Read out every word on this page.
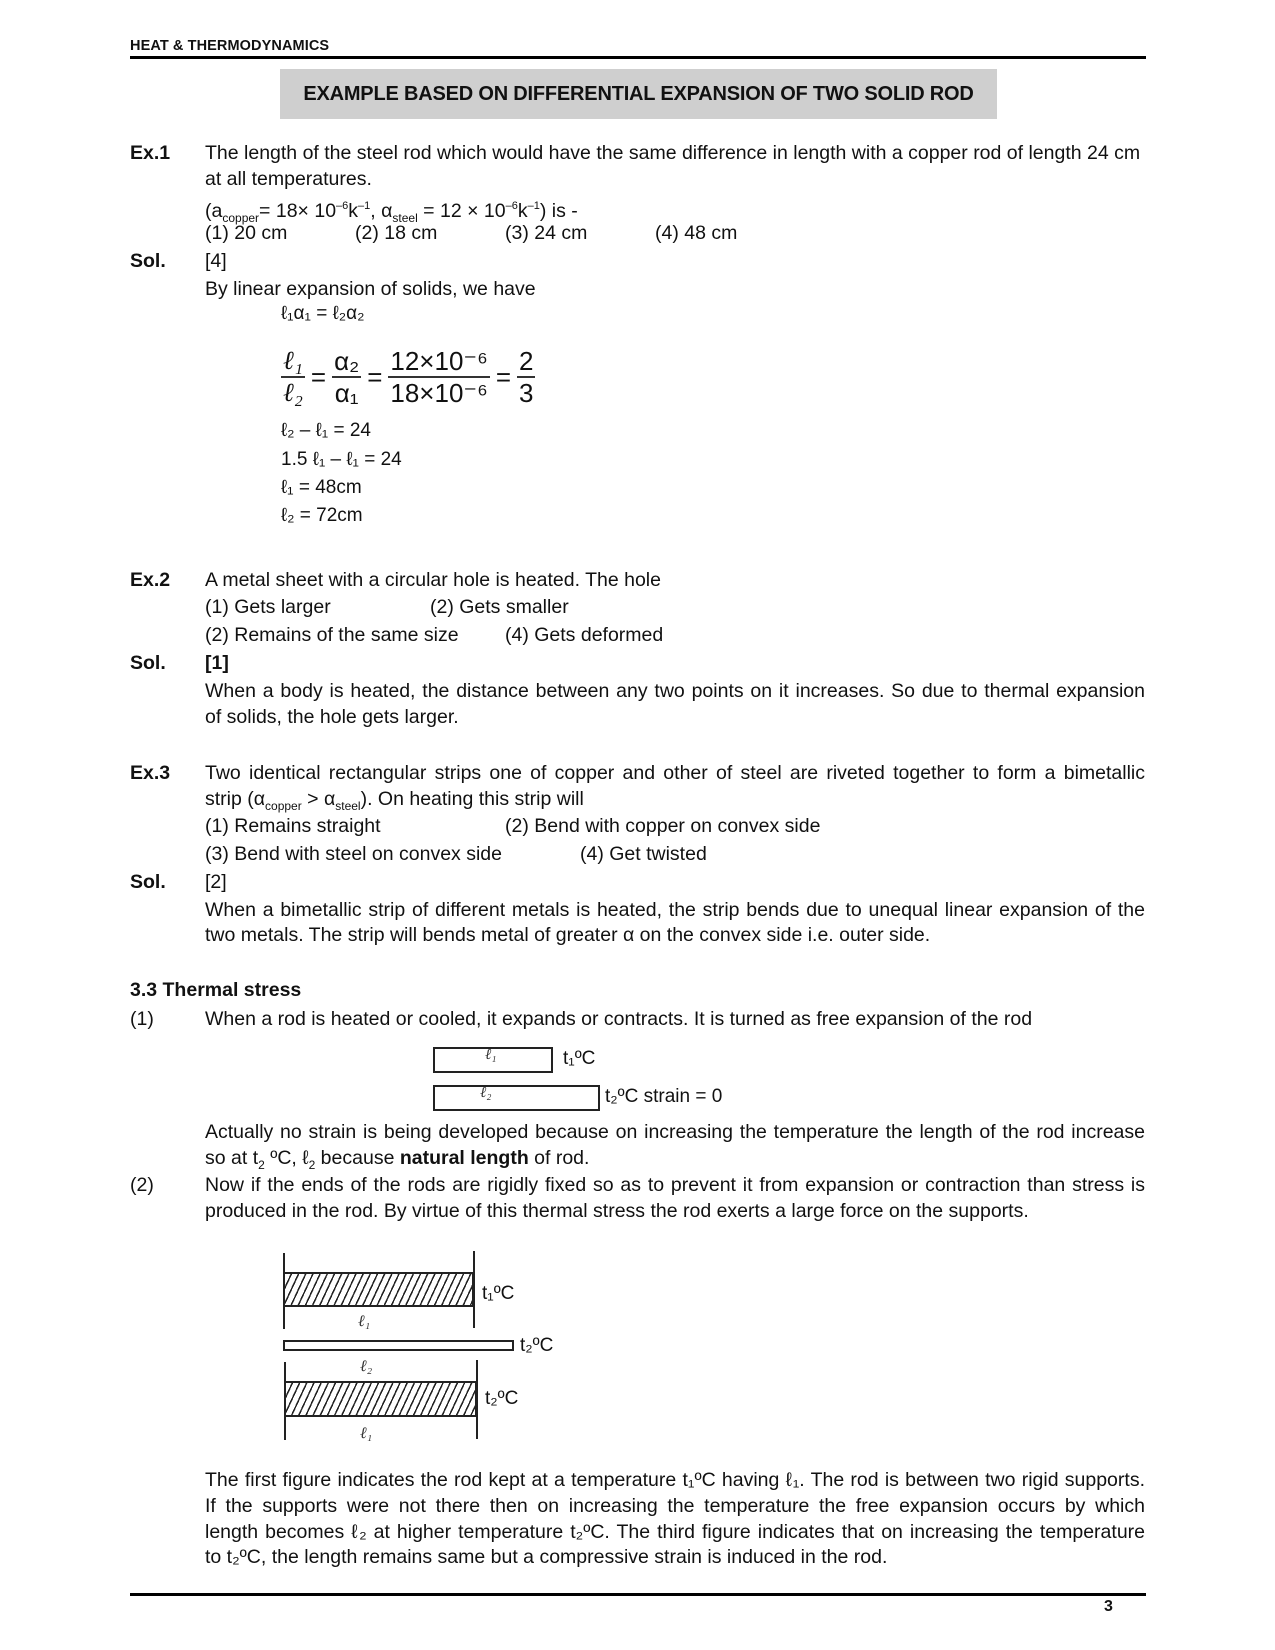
HEAT & THERMODYNAMICS
EXAMPLE BASED ON DIFFERENTIAL EXPANSION OF TWO SOLID ROD
Ex.1 The length of the steel rod which would have the same difference in length with a copper rod of length 24 cm
at all temperatures.
($a_{copper}= 18\times 10^{-6}k^{-1}$, $\alpha_{steel} = 12 \times 10^{-6}k^{-1}$) is -
(1) 20 cm	(2) 18 cm	(3) 24 cm	(4) 48 cm
Sol. [4]
By linear expansion of solids, we have
ℓ₁α₁ = ℓ₂α₂
$\frac{\text{ℓ₁}}{\text{ℓ₂}} = \frac{\text{α₂}}{\text{α₁}} = \frac{\text{12×10⁻⁶}}{\text{18×10⁻⁶}} = \frac{2}{3}$
ℓ₂ – ℓ₁ = 24
1.5 ℓ₁ – ℓ₁ = 24
ℓ₁ = 48cm
ℓ₂ = 72cm
Ex.2 A metal sheet with a circular hole is heated. The hole
(1) Gets larger	(2) Gets smaller
(2) Remains of the same size (4) Gets deformed
Sol. [1]
When a body is heated, the distance between any two points on it increases. So due to thermal expansion
of solids, the hole gets larger.
Ex.3 Two identical rectangular strips one of copper and other of steel are riveted together to form a bimetallic
strip $(\alpha_{copper} > \alpha_{steel})$. On heating this strip will
(1) Remains straight	(2) Bend with copper on convex side
(3) Bend with steel on convex side	(4) Get twisted
Sol. [2]
When a bimetallic strip of different metals is heated, the strip bends due to unequal linear expansion of the
two metals. The strip will bends metal of greater α on the convex side i.e. outer side.
3.3 Thermal stress
(1)	When a rod is heated or cooled, it expands or contracts. It is turned as free expansion of the rod
ℓ₁	t₁ºC
ℓ₂	t₂ºC strain = 0
Actually no strain is being developed because on increasing the temperature the length of the rod increase
so at $t_2$ ºC, ℓ$_2$ because natural length of rod.
(2)	Now if the ends of the rods are rigidly fixed so as to prevent it from expansion or contraction than stress is
produced in the rod. By virtue of this thermal stress the rod exerts a large force on the supports.
t₁ºC
ℓ₁
t₂ºC
ℓ₂
t₂ºC
ℓ₁
The first figure indicates the rod kept at a temperature t₁ºC having ℓ₁. The rod is between two rigid supports.
If the supports were not there then on increasing the temperature the free expansion occurs by which
length becomes ℓ₂ at higher temperature t₂ºC. The third figure indicates that on increasing the temperature
to t₂ºC, the length remains same but a compressive strain is induced in the rod.
3
